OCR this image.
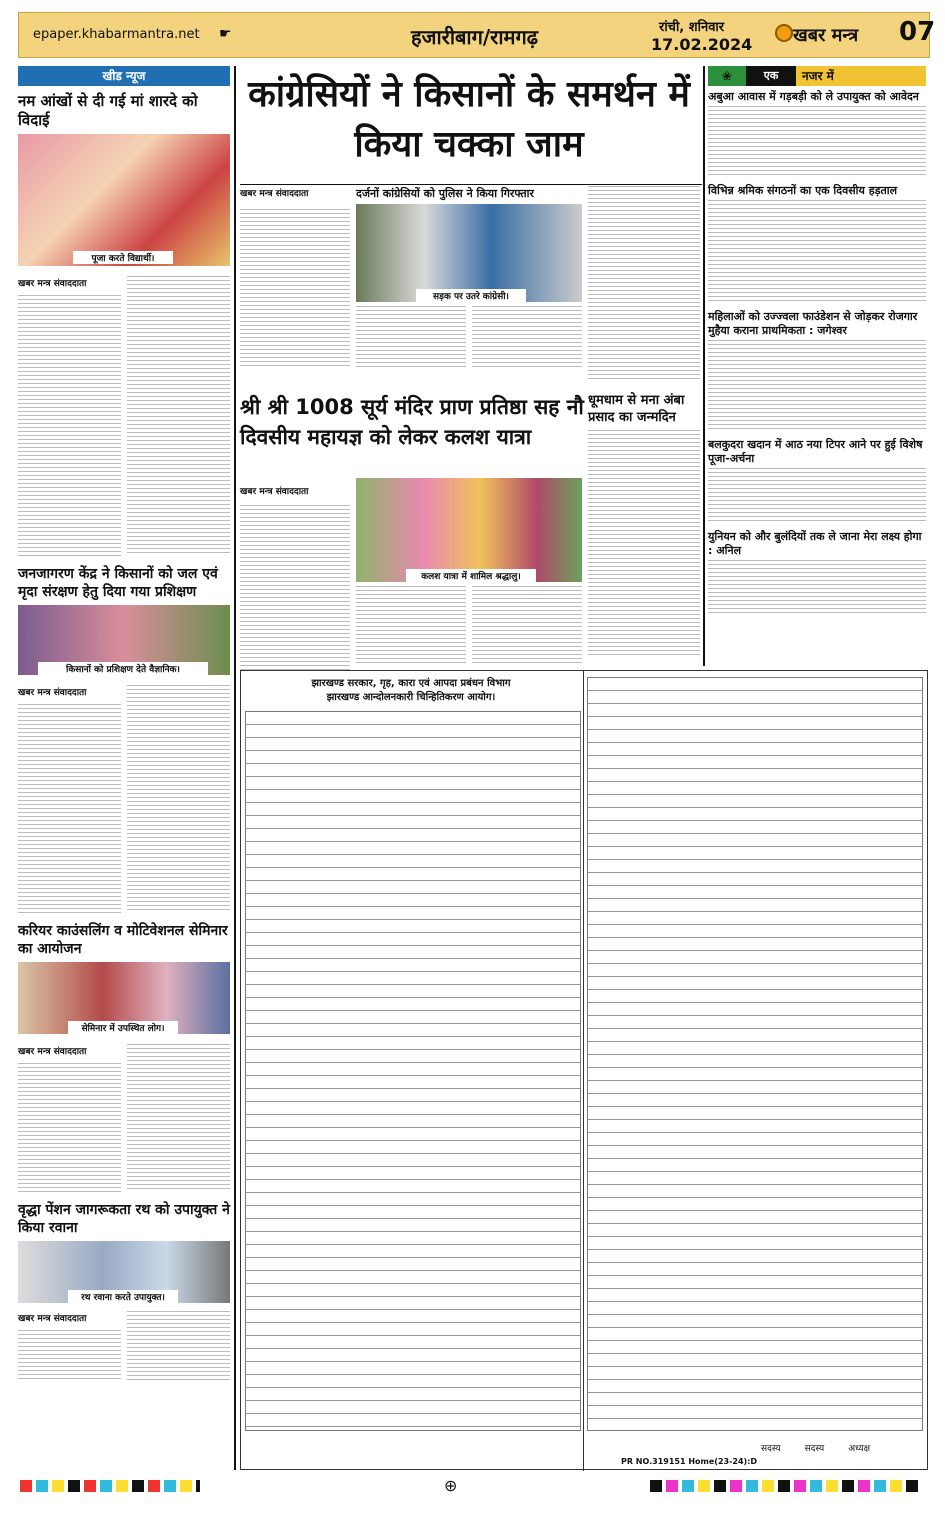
epaper.khabarmantra.net ☛	हजारीबाग/रामगढ़	रांची, शनिवार
17.02.2024 खबर मन्त्र 07
खीड न्यूज
नम आंखों से दी गई मां शारदे को विदाई
पूजा करते विद्यार्थी।
खबर मन्त्र संवाददाता
जनजागरण केंद्र ने किसानों को जल एवं मृदा संरक्षण हेतु दिया गया प्रशिक्षण
किसानों को प्रशिक्षण देते वैज्ञानिक।
खबर मन्त्र संवाददाता
करियर काउंसलिंग व मोटिवेशनल सेमिनार का आयोजन
सेमिनार में उपस्थित लोग।
खबर मन्त्र संवाददाता
वृद्धा पेंशन जागरूकता रथ को उपायुक्त ने किया रवाना
रथ रवाना करते उपायुक्त।
खबर मन्त्र संवाददाता
कांग्रेसियों ने किसानों के समर्थन में किया चक्का जाम
खबर मन्त्र संवाददाता	दर्जनों कांग्रेसियों को पुलिस ने किया गिरफ्तार
सड़क पर उतरे कांग्रेसी।
श्री श्री 1008 सूर्य मंदिर प्राण प्रतिष्ठा सह नौ दिवसीय महायज्ञ को लेकर कलश यात्रा
खबर मन्त्र संवाददाता
कलश यात्रा में शामिल श्रद्धालु।
धूमधाम से मना अंबा प्रसाद का जन्मदिन
❀	एक	नजर में
अबुआ आवास में गड़बड़ी को ले उपायुक्त को आवेदन
विभिन्न श्रमिक संगठनों का एक दिवसीय हड़ताल
महिलाओं को उज्ज्वला फाउंडेशन से जोड़कर रोजगार मुहैया कराना प्राथमिकता : जगेश्वर
बलकुदरा खदान में आठ नया टिपर आने पर हुई विशेष पूजा-अर्चना
युनियन को और बुलंदियों तक ले जाना मेरा लक्ष्य होगा : अनिल
झारखण्ड सरकार, गृह, कारा एवं आपदा प्रबंधन विभाग
झारखण्ड आन्दोलनकारी चिन्हितिकरण आयोग।
सदस्य	सदस्य	अध्यक्ष
PR NO.319151 Home(23-24):D
⊕
